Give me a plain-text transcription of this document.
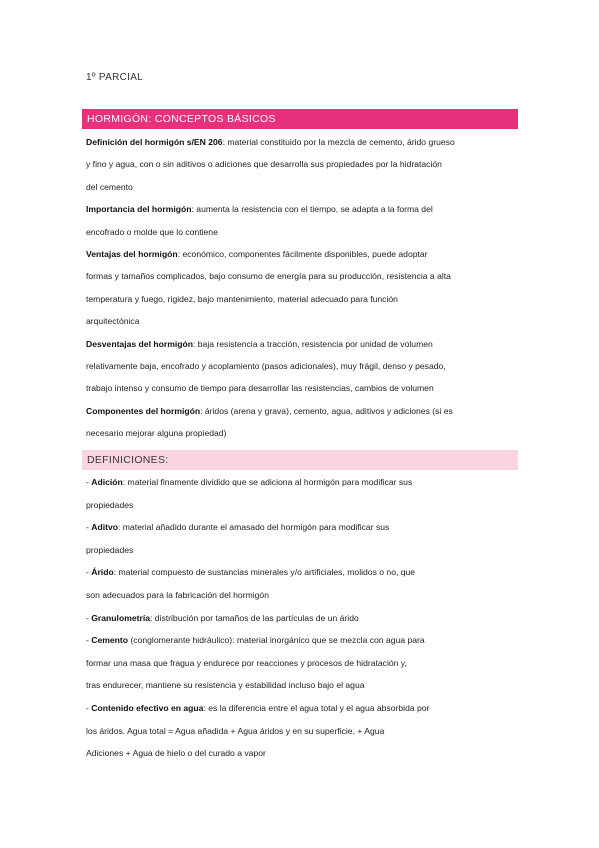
1º PARCIAL
HORMIGÓN: CONCEPTOS BÁSICOS
Definición del hormigón s/EN 206: material constituido por la mezcla de cemento, árido grueso
y fino y agua, con o sin aditivos o adiciones que desarrolla sus propiedades por la hidratación
del cemento
Importancia del hormigón: aumenta la resistencia con el tiempo, se adapta a la forma del
encofrado o molde que lo contiene
Ventajas del hormigón: económico, componentes fácilmente disponibles, puede adoptar
formas y tamaños complicados, bajo consumo de energía para su producción, resistencia a alta
temperatura y fuego, rigidez, bajo mantenimiento, material adecuado para función
arquitectónica
Desventajas del hormigón: baja resistencia a tracción, resistencia por unidad de volumen
relativamente baja, encofrado y acoplamiento (pasos adicionales), muy frágil, denso y pesado,
trabajo intenso y consumo de tiempo para desarrollar las resistencias, cambios de volumen
Componentes del hormigón: áridos (arena y grava), cemento, agua, aditivos y adiciones (si es
necesario mejorar alguna propiedad)
DEFINICIONES:
- Adición: material finamente dividido que se adiciona al hormigón para modificar sus
propiedades
- Aditvo: material añadido durante el amasado del hormigón para modificar sus
propiedades
- Árido: material compuesto de sustancias minerales y/o artificiales, molidos o no, que
son adecuados para la fabricación del hormigón
- Granulometría: distribución por tamaños de las partículas de un árido
- Cemento (conglomerante hidráulico): material inorgánico que se mezcla con agua para
formar una masa que fragua y endurece por reacciones y procesos de hidratación y,
tras endurecer, mantiene su resistencia y estabilidad incluso bajo el agua
- Contenido efectivo en agua: es la diferencia entre el agua total y el agua absorbida por
los áridos. Agua total = Agua añadida + Agua áridos y en su superficie, + Agua
Adiciones + Agua de hielo o del curado a vapor
